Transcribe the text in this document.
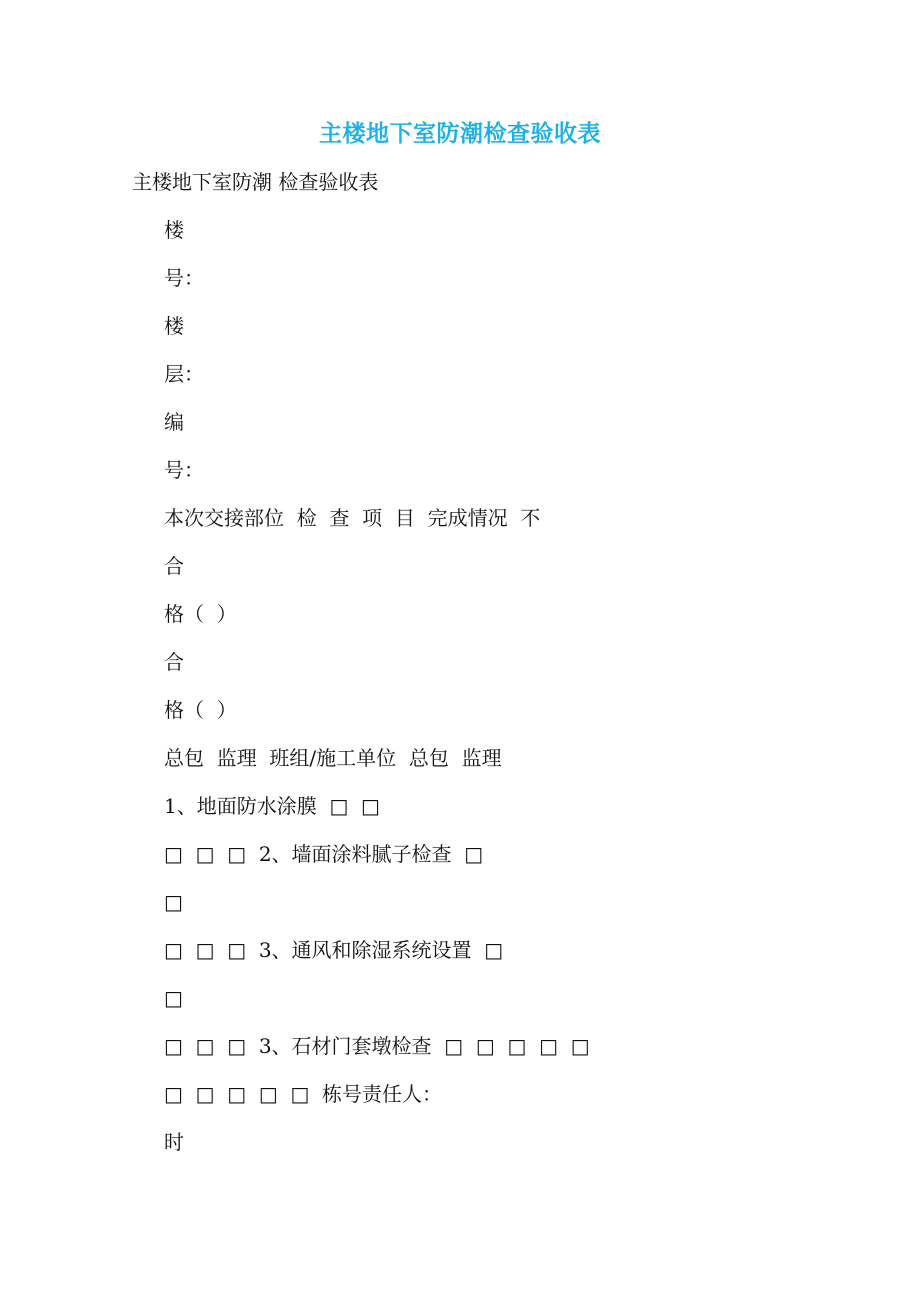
主楼地下室防潮检查验收表
主楼地下室防潮 检查验收表
楼
号：
楼
层：
编
号：
本次交接部位  检  查  项  目  完成情况  不
合
格（  ）
合
格（  ）
总包  监理  班组/施工单位  总包  监理
1、地面防水涂膜  □  □
□  □  □  2、墙面涂料腻子检查  □
□
□  □  □  3、通风和除湿系统设置  □
□
□  □  □  3、石材门套墩检查  □  □  □  □  □
□  □  □  □  □  栋号责任人：
时
